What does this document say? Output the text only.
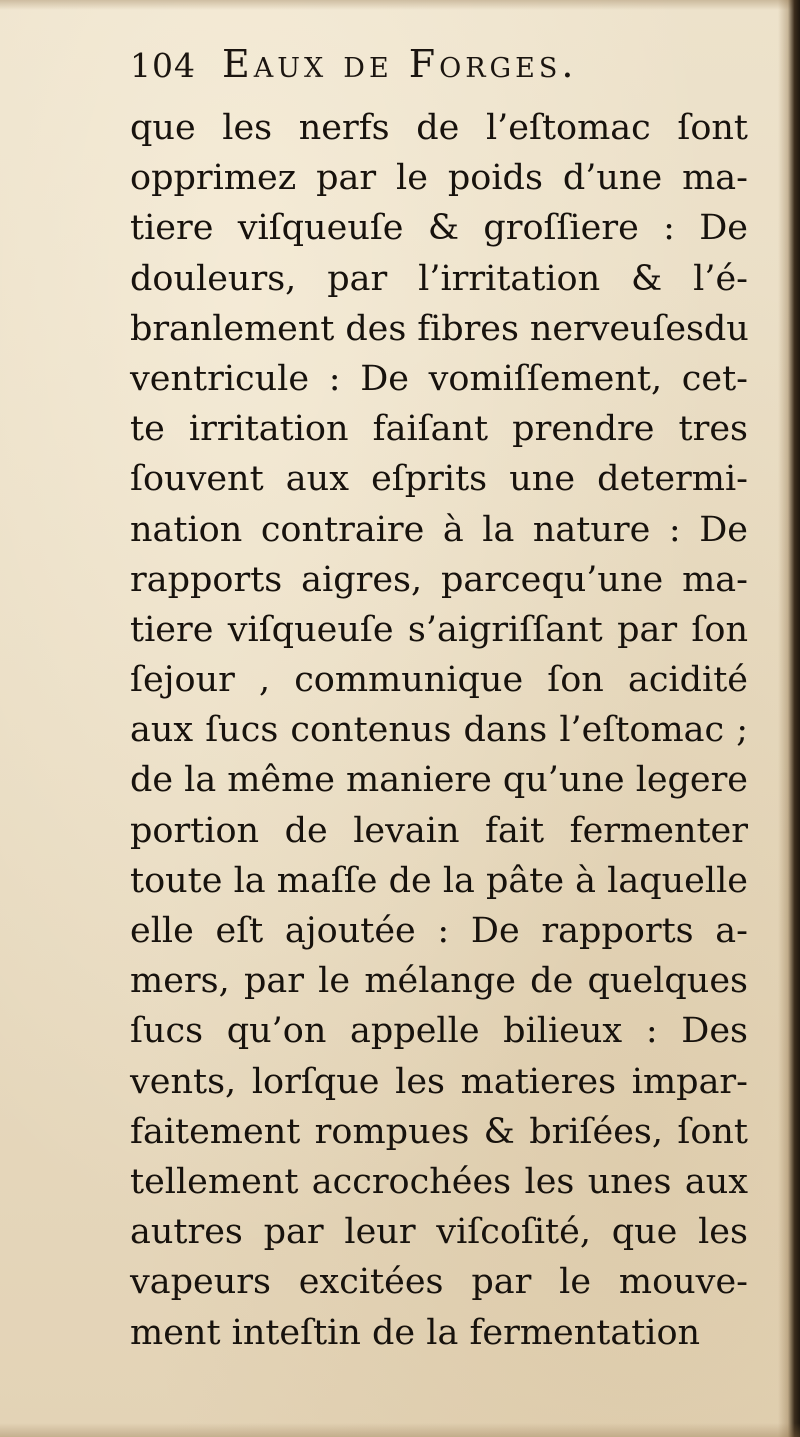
104 Eaux de Forges.
que les nerfs de l’eſtomac ſont
opprimez par le poids d’une ma-
tiere viſqueuſe & groſſiere : De
douleurs, par l’irritation & l’é-
branlement des fibres nerveuſesdu
ventricule : De vomiſſement, cet-
te irritation faiſant prendre tres
ſouvent aux eſprits une determi-
nation contraire à la nature : De
rapports aigres, parcequ’une ma-
tiere viſqueuſe s’aigriſſant par ſon
ſejour , communique ſon acidité
aux ſucs contenus dans l’eſtomac ;
de la même maniere qu’une legere
portion de levain fait fermenter
toute la maſſe de la pâte à laquelle
elle eſt ajoutée : De rapports a-
mers, par le mélange de quelques
ſucs qu’on appelle bilieux : Des
vents, lorſque les matieres impar-
faitement rompues & briſées, ſont
tellement accrochées les unes aux
autres par leur viſcoſité, que les
vapeurs excitées par le mouve-
ment inteſtin de la fermentation
